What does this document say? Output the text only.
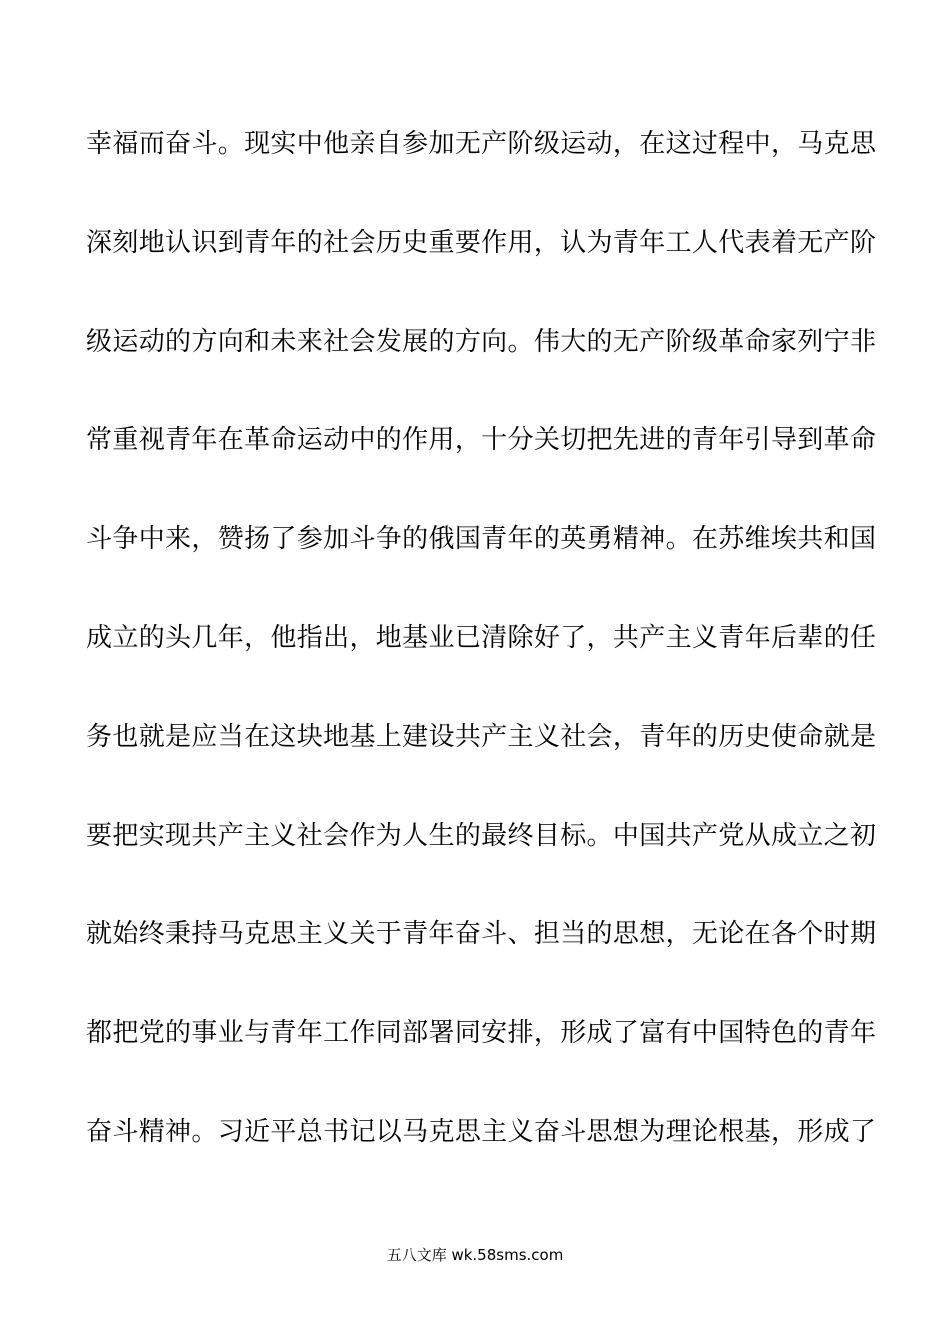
幸福而奋斗。现实中他亲自参加无产阶级运动，在这过程中，马克思
深刻地认识到青年的社会历史重要作用，认为青年工人代表着无产阶
级运动的方向和未来社会发展的方向。伟大的无产阶级革命家列宁非
常重视青年在革命运动中的作用，十分关切把先进的青年引导到革命
斗争中来，赞扬了参加斗争的俄国青年的英勇精神。在苏维埃共和国
成立的头几年，他指出，地基业已清除好了，共产主义青年后辈的任
务也就是应当在这块地基上建设共产主义社会，青年的历史使命就是
要把实现共产主义社会作为人生的最终目标。中国共产党从成立之初
就始终秉持马克思主义关于青年奋斗、担当的思想，无论在各个时期
都把党的事业与青年工作同部署同安排，形成了富有中国特色的青年
奋斗精神。习近平总书记以马克思主义奋斗思想为理论根基，形成了
五八文库 wk.58sms.com
